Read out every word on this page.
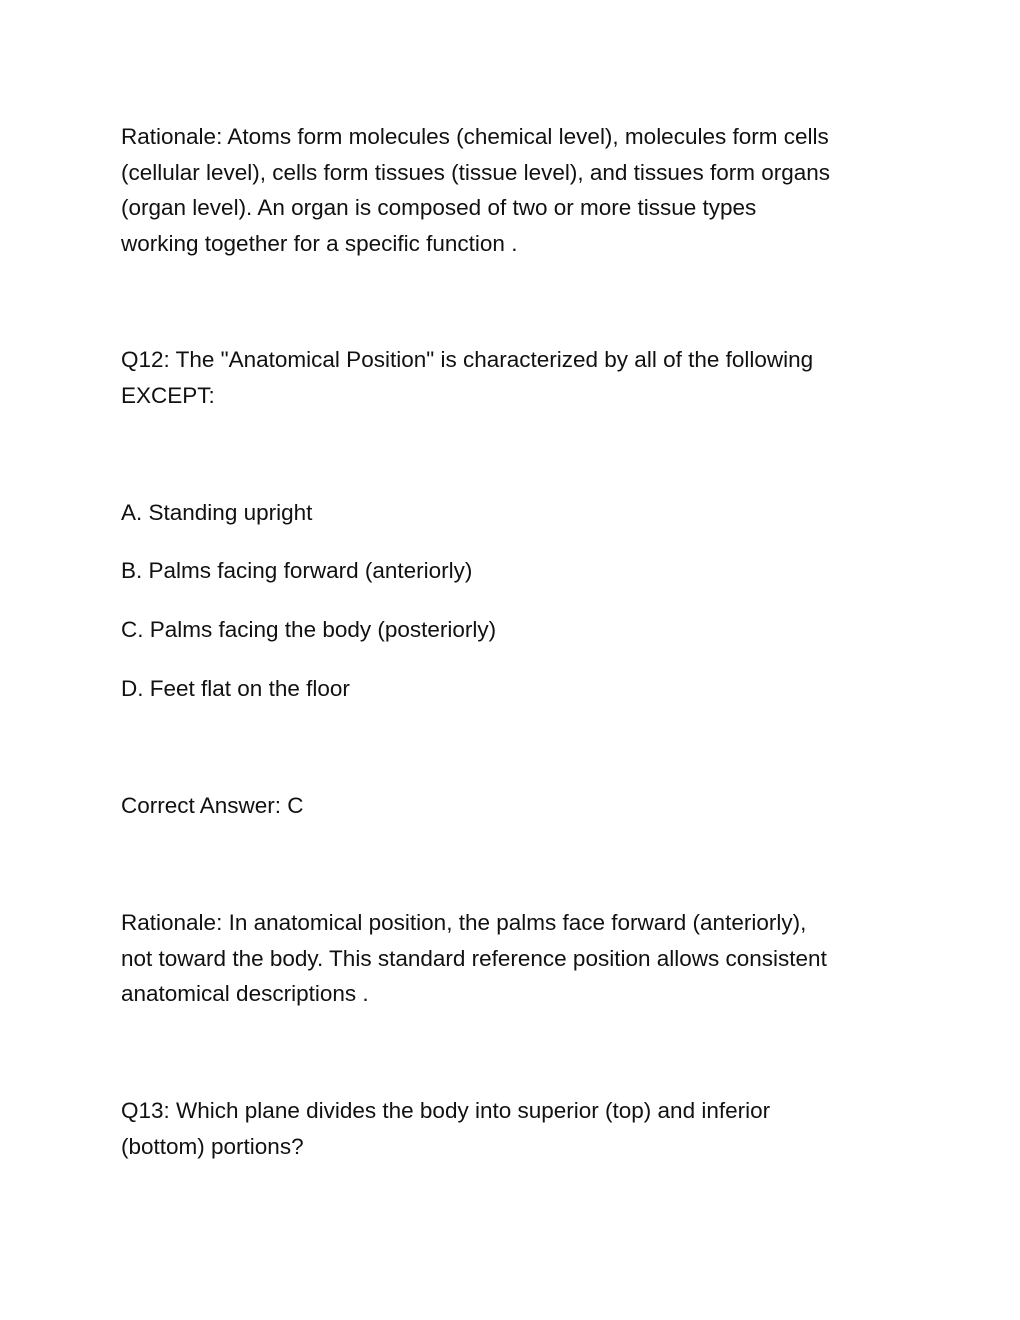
Rationale: Atoms form molecules (chemical level), molecules form cells
(cellular level), cells form tissues (tissue level), and tissues form organs
(organ level). An organ is composed of two or more tissue types
working together for a specific function .

Q12: The "Anatomical Position" is characterized by all of the following
EXCEPT:

A. Standing upright

B. Palms facing forward (anteriorly)

C. Palms facing the body (posteriorly)

D. Feet flat on the floor

Correct Answer: C

Rationale: In anatomical position, the palms face forward (anteriorly),
not toward the body. This standard reference position allows consistent
anatomical descriptions .

Q13: Which plane divides the body into superior (top) and inferior
(bottom) portions?
